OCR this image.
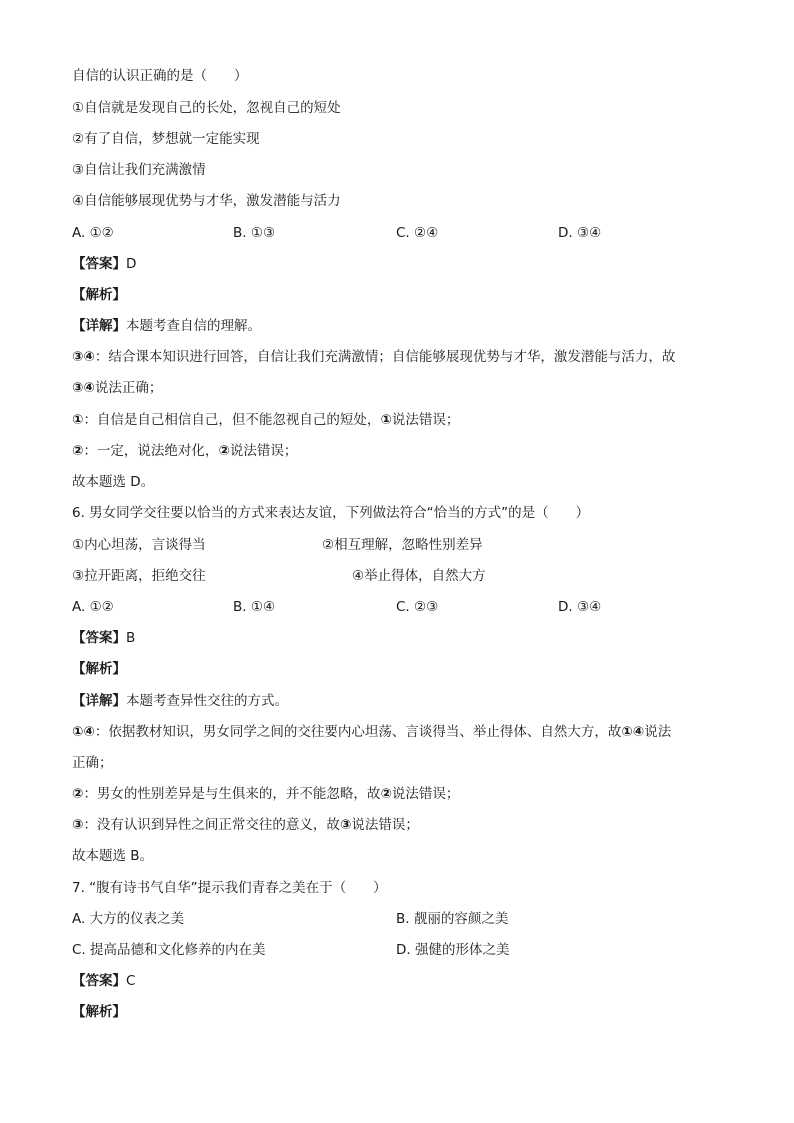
自信的认识正确的是（　　）
①自信就是发现自己的长处，忽视自己的短处
②有了自信，梦想就一定能实现
③自信让我们充满激情
④自信能够展现优势与才华，激发潜能与活力
A. ①②	B. ①③	C. ②④	D. ③④
【答案】D
【解析】
【详解】本题考查自信的理解。
③④：结合课本知识进行回答，自信让我们充满激情；自信能够展现优势与才华，激发潜能与活力，故
③④说法正确；
①：自信是自己相信自己，但不能忽视自己的短处，①说法错误；
②：一定，说法绝对化，②说法错误；
故本题选 D。
6. 男女同学交往要以恰当的方式来表达友谊，下列做法符合“恰当的方式”的是（　　）
①内心坦荡，言谈得当	②相互理解，忽略性别差异
③拉开距离，拒绝交往	④举止得体，自然大方
A. ①②	B. ①④	C. ②③	D. ③④
【答案】B
【解析】
【详解】本题考查异性交往的方式。
①④：依据教材知识，男女同学之间的交往要内心坦荡、言谈得当、举止得体、自然大方，故①④说法
正确；
②：男女的性别差异是与生俱来的，并不能忽略，故②说法错误；
③：没有认识到异性之间正常交往的意义，故③说法错误；
故本题选 B。
7. “腹有诗书气自华”提示我们青春之美在于（　　）
A. 大方的仪表之美	B. 靓丽的容颜之美
C. 提高品德和文化修养的内在美	D. 强健的形体之美
【答案】C
【解析】
